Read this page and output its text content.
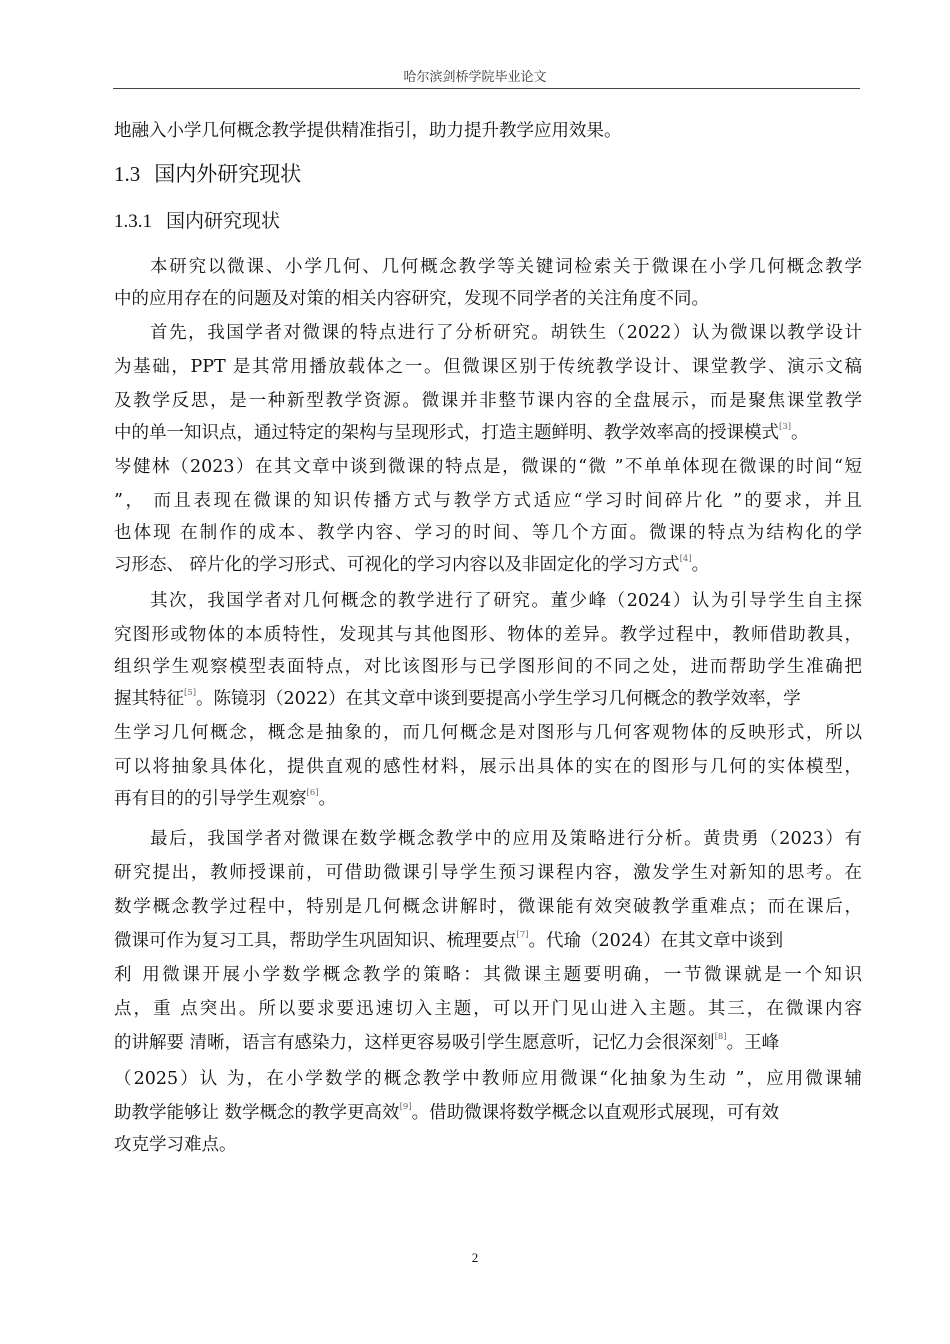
哈尔滨剑桥学院毕业论文
地融入小学几何概念教学提供精准指引，助力提升教学应用效果。
1.3 国内外研究现状
1.3.1 国内研究现状
本研究以微课、小学几何、几何概念教学等关键词检索关于微课在小学几何概念教学
中的应用存在的问题及对策的相关内容研究，发现不同学者的关注角度不同。
首先，我国学者对微课的特点进行了分析研究。胡铁生（2022）认为微课以教学设计
为基础，PPT 是其常用播放载体之一。但微课区别于传统教学设计、课堂教学、演示文稿
及教学反思，是一种新型教学资源。微课并非整节课内容的全盘展示，而是聚焦课堂教学
中的单一知识点，通过特定的架构与呈现形式，打造主题鲜明、教学效率高的授课模式[3]。
岑健林（2023）在其文章中谈到微课的特点是，微课的“微 ”不单单体现在微课的时间“短
”， 而且表现在微课的知识传播方式与教学方式适应“学习时间碎片化 ”的要求，并且
也体现 在制作的成本、教学内容、学习的时间、等几个方面。微课的特点为结构化的学
习形态、 碎片化的学习形式、可视化的学习内容以及非固定化的学习方式[4]。
其次，我国学者对几何概念的教学进行了研究。董少峰（2024）认为引导学生自主探
究图形或物体的本质特性，发现其与其他图形、物体的差异。教学过程中，教师借助教具，
组织学生观察模型表面特点，对比该图形与已学图形间的不同之处，进而帮助学生准确把
握其特征[5]。陈镜羽（2022）在其文章中谈到要提高小学生学习几何概念的教学效率，学
生学习几何概念，概念是抽象的，而几何概念是对图形与几何客观物体的反映形式，所以
可以将抽象具体化，提供直观的感性材料，展示出具体的实在的图形与几何的实体模型，
再有目的的引导学生观察[6]。
最后，我国学者对微课在数学概念教学中的应用及策略进行分析。黄贵勇（2023）有
研究提出，教师授课前，可借助微课引导学生预习课程内容，激发学生对新知的思考。在
数学概念教学过程中，特别是几何概念讲解时，微课能有效突破教学重难点；而在课后，
微课可作为复习工具，帮助学生巩固知识、梳理要点[7]。代瑜（2024）在其文章中谈到
利 用微课开展小学数学概念教学的策略：其微课主题要明确，一节微课就是一个知识
点，重 点突出。所以要求要迅速切入主题，可以开门见山进入主题。其三，在微课内容
的讲解要 清晰，语言有感染力，这样更容易吸引学生愿意听，记忆力会很深刻[8]。王峰
（2025）认 为，在小学数学的概念教学中教师应用微课“化抽象为生动 ”，应用微课辅
助教学能够让 数学概念的教学更高效[9]。借助微课将数学概念以直观形式展现，可有效
攻克学习难点。
2
